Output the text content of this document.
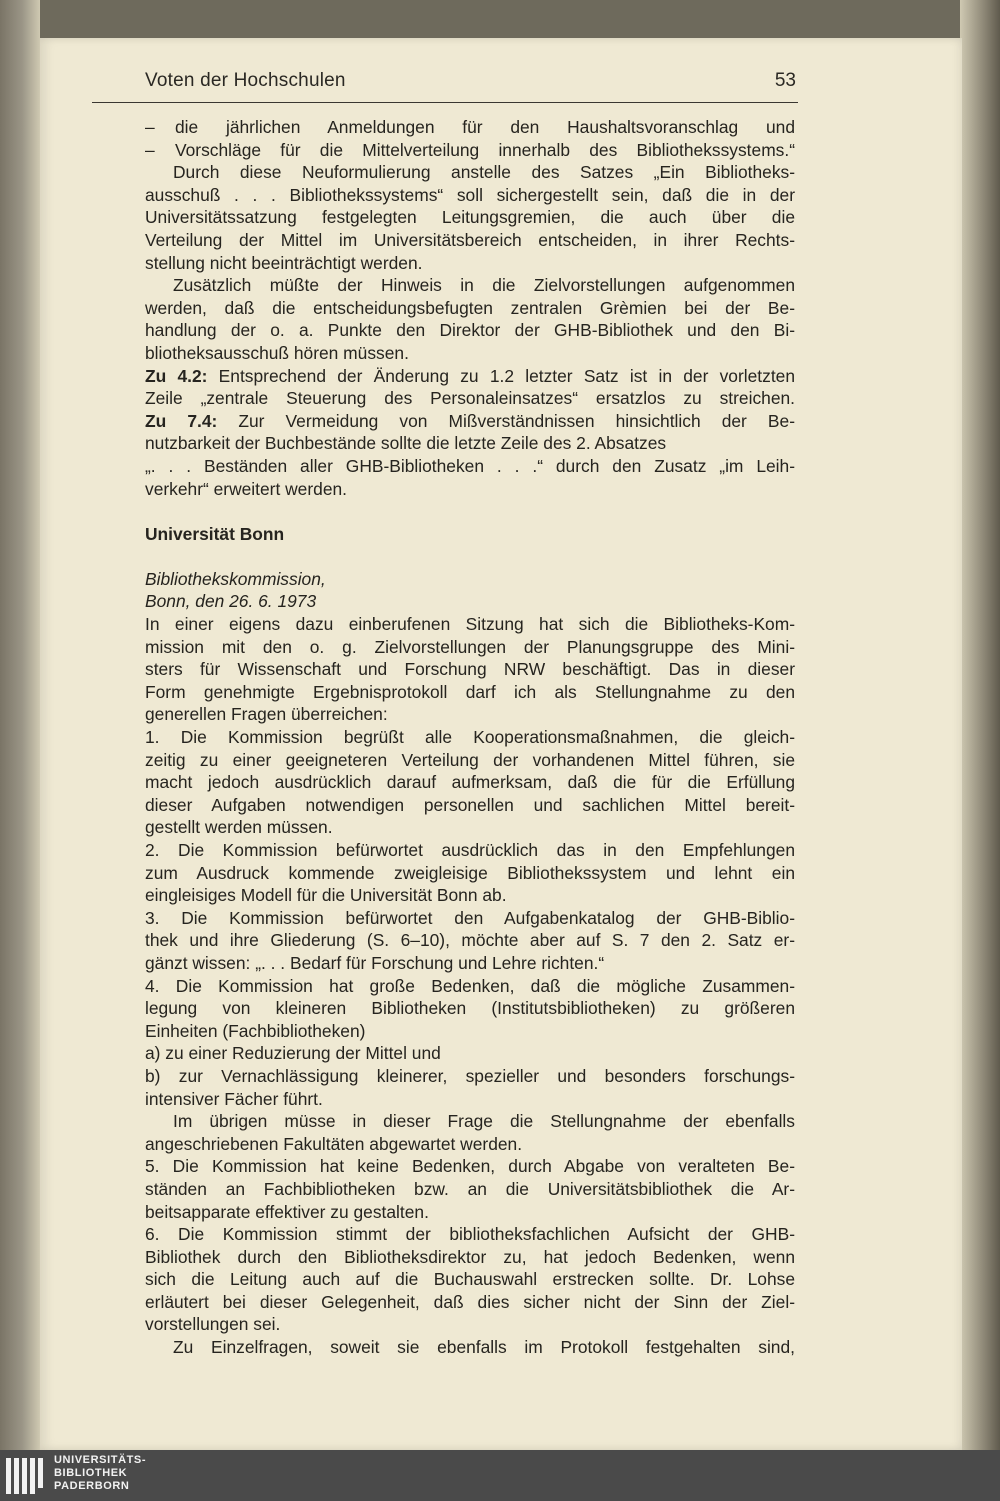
Voten der Hochschulen	53
– die jährlichen Anmeldungen für den Haushaltsvoranschlag und
– Vorschläge für die Mittelverteilung innerhalb des Bibliothekssystems.“
Durch diese Neuformulierung anstelle des Satzes „Ein Bibliotheks-
ausschuß . . . Bibliothekssystems“ soll sichergestellt sein, daß die in der
Universitätssatzung festgelegten Leitungsgremien, die auch über die
Verteilung der Mittel im Universitätsbereich entscheiden, in ihrer Rechts-
stellung nicht beeinträchtigt werden.
Zusätzlich müßte der Hinweis in die Zielvorstellungen aufgenommen
werden, daß die entscheidungsbefugten zentralen Grèmien bei der Be-
handlung der o. a. Punkte den Direktor der GHB-Bibliothek und den Bi-
bliotheksausschuß hören müssen.
Zu 4.2: Entsprechend der Änderung zu 1.2 letzter Satz ist in der vorletzten
Zeile „zentrale Steuerung des Personaleinsatzes“ ersatzlos zu streichen.
Zu 7.4: Zur Vermeidung von Mißverständnissen hinsichtlich der Be-
nutzbarkeit der Buchbestände sollte die letzte Zeile des 2. Absatzes
„. . . Beständen aller GHB-Bibliotheken . . .“ durch den Zusatz „im Leih-
verkehr“ erweitert werden.
Universität Bonn
Bibliothekskommission,
Bonn, den 26. 6. 1973
In einer eigens dazu einberufenen Sitzung hat sich die Bibliotheks-Kom-
mission mit den o. g. Zielvorstellungen der Planungsgruppe des Mini-
sters für Wissenschaft und Forschung NRW beschäftigt. Das in dieser
Form genehmigte Ergebnisprotokoll darf ich als Stellungnahme zu den
generellen Fragen überreichen:
1. Die Kommission begrüßt alle Kooperationsmaßnahmen, die gleich-
zeitig zu einer geeigneteren Verteilung der vorhandenen Mittel führen, sie
macht jedoch ausdrücklich darauf aufmerksam, daß die für die Erfüllung
dieser Aufgaben notwendigen personellen und sachlichen Mittel bereit-
gestellt werden müssen.
2. Die Kommission befürwortet ausdrücklich das in den Empfehlungen
zum Ausdruck kommende zweigleisige Bibliothekssystem und lehnt ein
eingleisiges Modell für die Universität Bonn ab.
3. Die Kommission befürwortet den Aufgabenkatalog der GHB-Biblio-
thek und ihre Gliederung (S. 6–10), möchte aber auf S. 7 den 2. Satz er-
gänzt wissen: „. . . Bedarf für Forschung und Lehre richten.“
4. Die Kommission hat große Bedenken, daß die mögliche Zusammen-
legung von kleineren Bibliotheken (Institutsbibliotheken) zu größeren
Einheiten (Fachbibliotheken)
a) zu einer Reduzierung der Mittel und
b) zur Vernachlässigung kleinerer, spezieller und besonders forschungs-
intensiver Fächer führt.
Im übrigen müsse in dieser Frage die Stellungnahme der ebenfalls
angeschriebenen Fakultäten abgewartet werden.
5. Die Kommission hat keine Bedenken, durch Abgabe von veralteten Be-
ständen an Fachbibliotheken bzw. an die Universitätsbibliothek die Ar-
beitsapparate effektiver zu gestalten.
6. Die Kommission stimmt der bibliotheksfachlichen Aufsicht der GHB-
Bibliothek durch den Bibliotheksdirektor zu, hat jedoch Bedenken, wenn
sich die Leitung auch auf die Buchauswahl erstrecken sollte. Dr. Lohse
erläutert bei dieser Gelegenheit, daß dies sicher nicht der Sinn der Ziel-
vorstellungen sei.
Zu Einzelfragen, soweit sie ebenfalls im Protokoll festgehalten sind,
UNIVERSITÄTS-
BIBLIOTHEK
PADERBORN
